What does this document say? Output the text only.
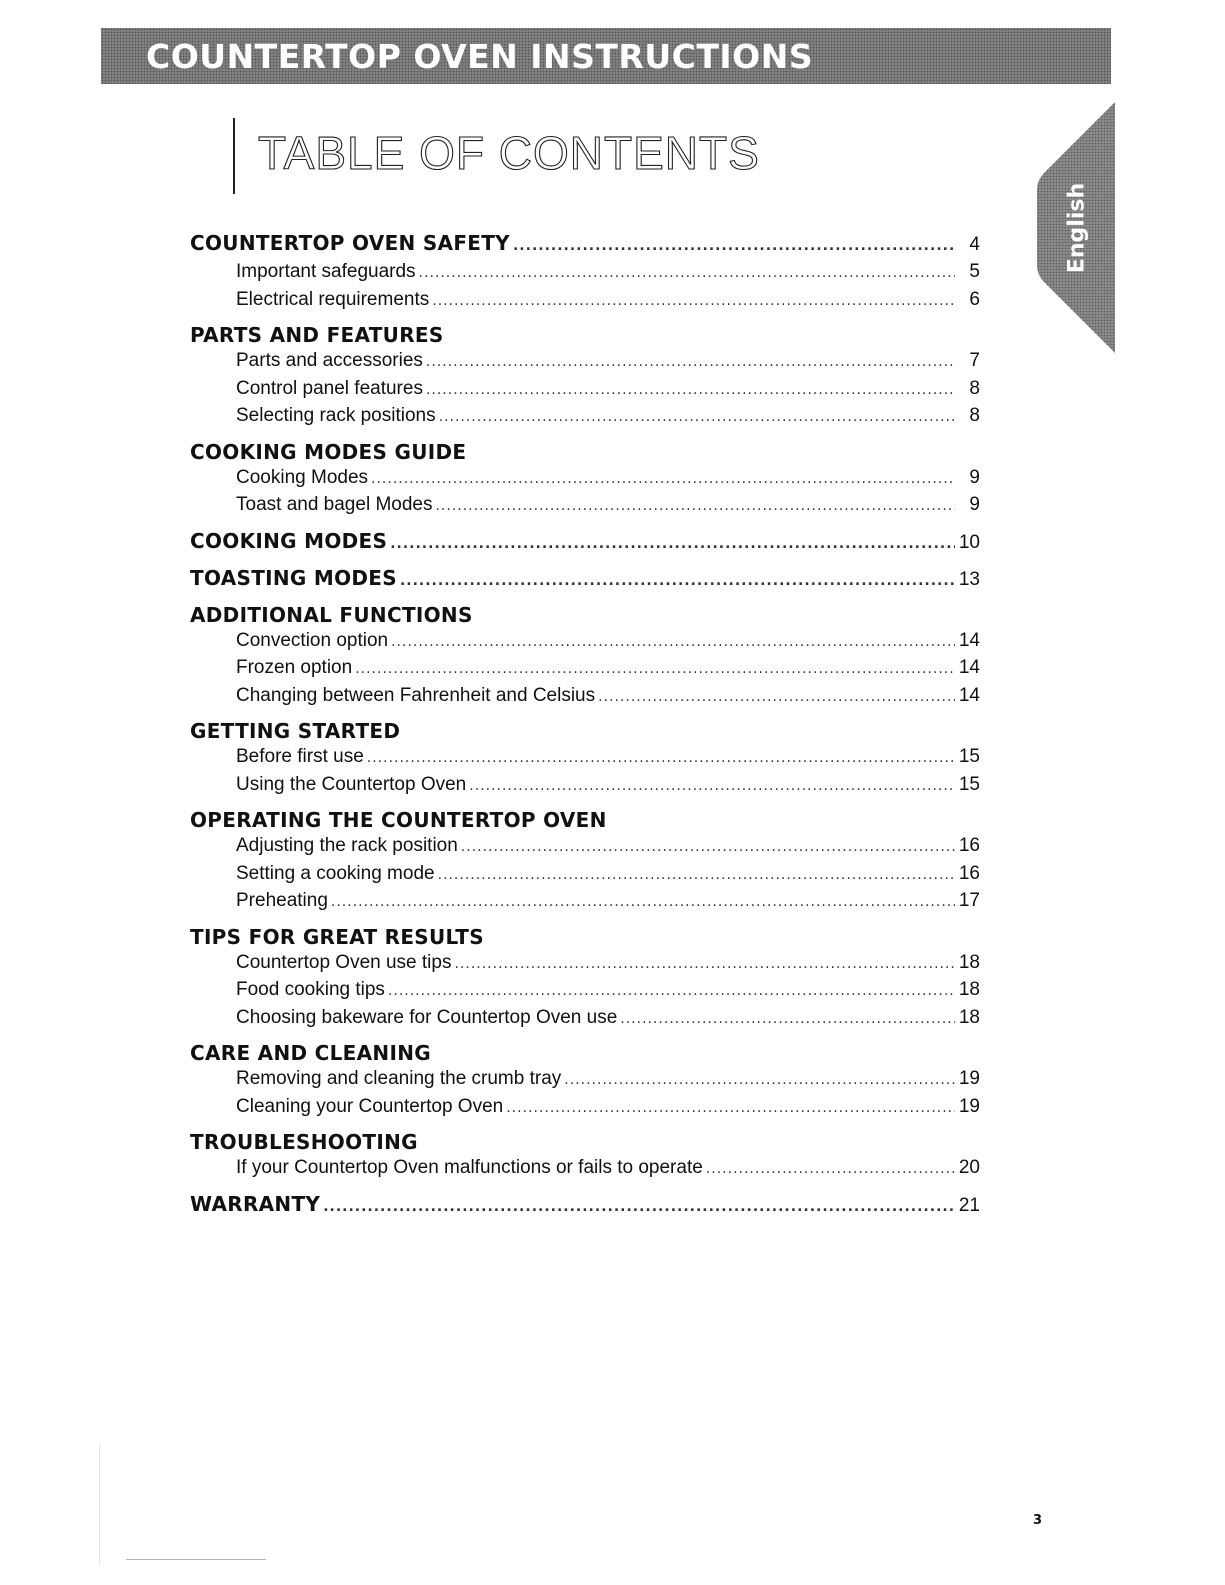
COUNTERTOP OVEN INSTRUCTIONS
TABLE OF CONTENTS
English
COUNTERTOP OVEN SAFETY .....	4
Important safeguards .....	5
Electrical requirements .....	6
PARTS AND FEATURES
Parts and accessories .....	7
Control panel features .....	8
Selecting rack positions .....	8
COOKING MODES GUIDE
Cooking Modes .....	9
Toast and bagel Modes .....	9
COOKING MODES .....	10
TOASTING MODES .....	13
ADDITIONAL FUNCTIONS
Convection option .....	14
Frozen option .....	14
Changing between Fahrenheit and Celsius .....	14
GETTING STARTED
Before first use .....	15
Using the Countertop Oven .....	15
OPERATING THE COUNTERTOP OVEN
Adjusting the rack position .....	16
Setting a cooking mode .....	16
Preheating .....	17
TIPS FOR GREAT RESULTS
Countertop Oven use tips .....	18
Food cooking tips .....	18
Choosing bakeware for Countertop Oven use .....	18
CARE AND CLEANING
Removing and cleaning the crumb tray .....	19
Cleaning your Countertop Oven .....	19
TROUBLESHOOTING
If your Countertop Oven malfunctions or fails to operate .....	20
WARRANTY .....	21
3
